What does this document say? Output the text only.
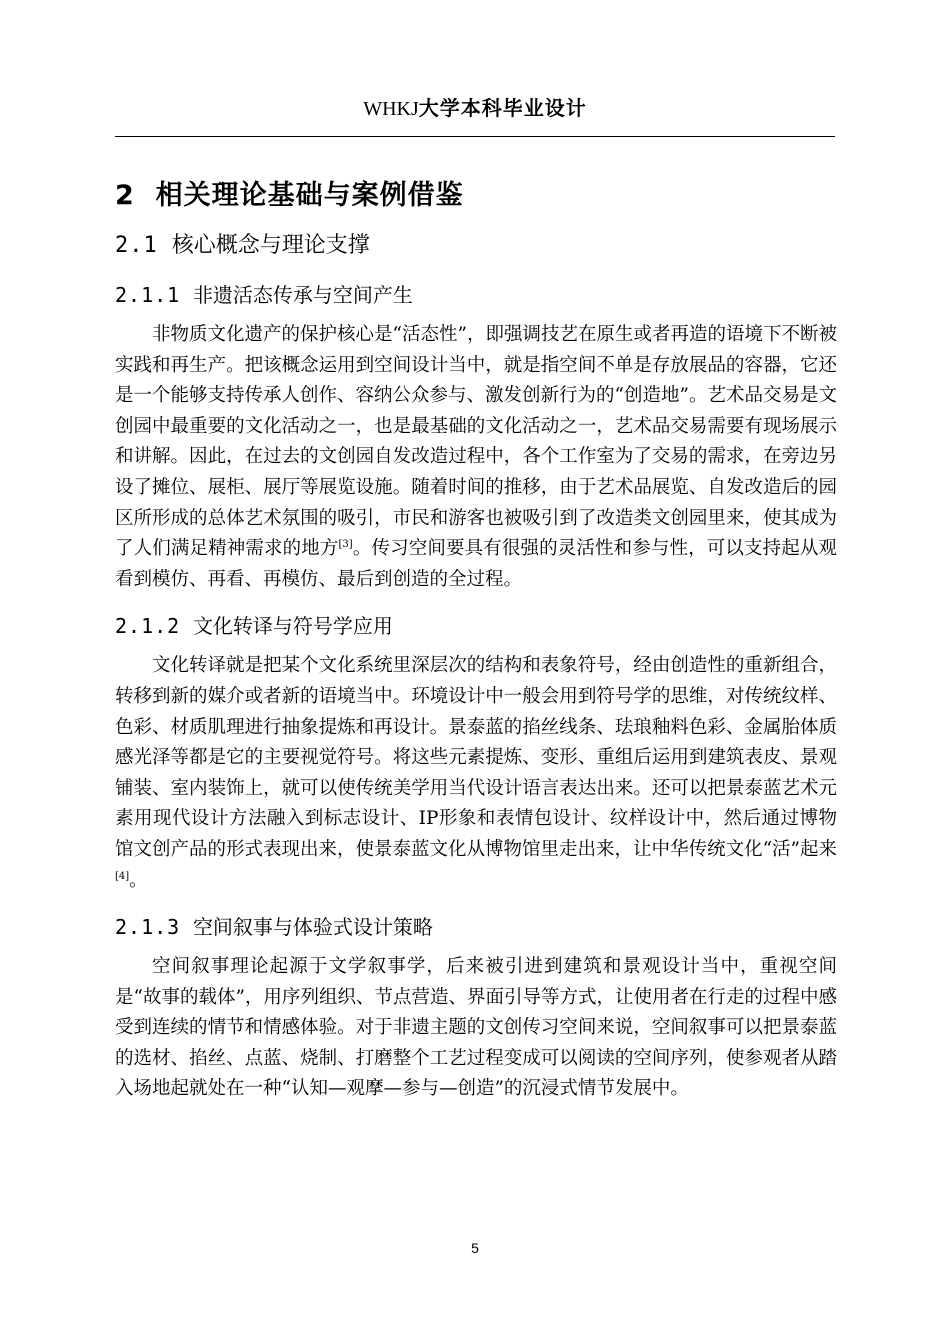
WHKJ大学本科毕业设计
2 相关理论基础与案例借鉴
2.1 核心概念与理论支撑
2.1.1 非遗活态传承与空间产生

非物质文化遗产的保护核心是“活态性”，即强调技艺在原生或者再造的语境下不断被实践和再生产。把该概念运用到空间设计当中，就是指空间不单是存放展品的容器，它还是一个能够支持传承人创作、容纳公众参与、激发创新行为的“创造地”。艺术品交易是文创园中最重要的文化活动之一，也是最基础的文化活动之一，艺术品交易需要有现场展示和讲解。因此，在过去的文创园自发改造过程中，各个工作室为了交易的需求，在旁边另设了摊位、展柜、展厅等展览设施。随着时间的推移，由于艺术品展览、自发改造后的园区所形成的总体艺术氛围的吸引，市民和游客也被吸引到了改造类文创园里来，使其成为了人们满足精神需求的地方[3]。传习空间要具有很强的灵活性和参与性，可以支持起从观看到模仿、再看、再模仿、最后到创造的全过程。

2.1.2 文化转译与符号学应用

文化转译就是把某个文化系统里深层次的结构和表象符号，经由创造性的重新组合，转移到新的媒介或者新的语境当中。环境设计中一般会用到符号学的思维，对传统纹样、色彩、材质肌理进行抽象提炼和再设计。景泰蓝的掐丝线条、珐琅釉料色彩、金属胎体质感光泽等都是它的主要视觉符号。将这些元素提炼、变形、重组后运用到建筑表皮、景观铺装、室内装饰上，就可以使传统美学用当代设计语言表达出来。还可以把景泰蓝艺术元素用现代设计方法融入到标志设计、IP形象和表情包设计、纹样设计中，然后通过博物馆文创产品的形式表现出来，使景泰蓝文化从博物馆里走出来，让中华传统文化“活”起来[4]。

2.1.3 空间叙事与体验式设计策略

空间叙事理论起源于文学叙事学，后来被引进到建筑和景观设计当中，重视空间是“故事的载体”，用序列组织、节点营造、界面引导等方式，让使用者在行走的过程中感受到连续的情节和情感体验。对于非遗主题的文创传习空间来说，空间叙事可以把景泰蓝的选材、掐丝、点蓝、烧制、打磨整个工艺过程变成可以阅读的空间序列，使参观者从踏入场地起就处在一种“认知—观摩—参与—创造”的沉浸式情节发展中。

5
